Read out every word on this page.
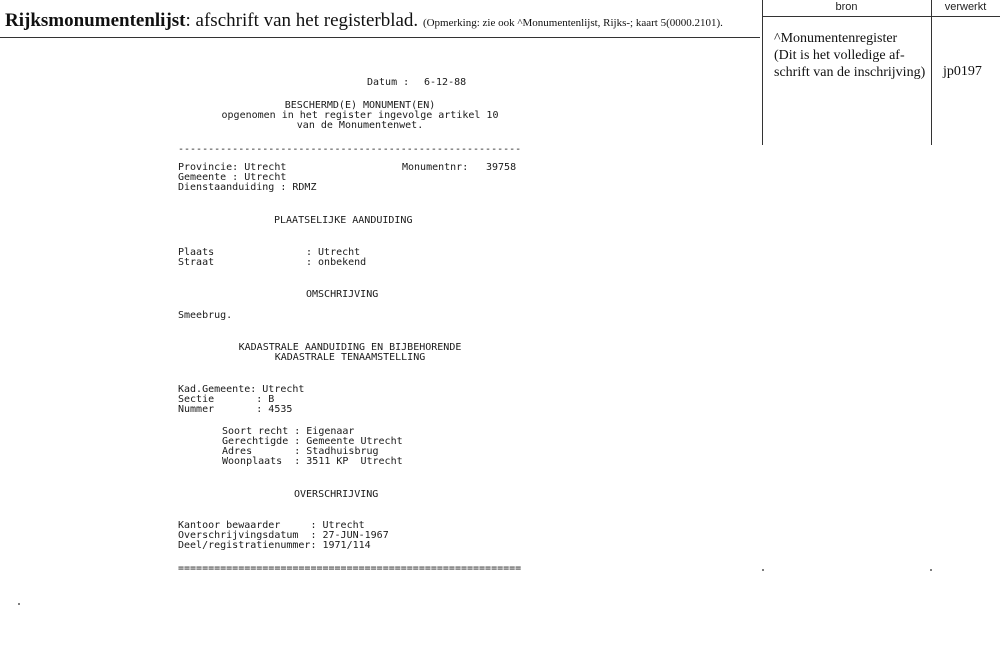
Rijksmonumentenlijst: afschrift van het registerblad. (Opmerking: zie ook ^Monumentenlijst, Rijks-; kaart 5(0000.2101).
bron	verwerkt
^Monumentenregister
(Dit is het volledige af-
schrift van de inschrijving)	jp0197
Datum : 6-12-88
BESCHERMD(E) MONUMENT(EN)
opgenomen in het register ingevolge artikel 10
van de Monumentenwet.
---------------------------------------------------------
Provincie: Utrecht	Monumentnr: 39758
Gemeente : Utrecht
Dienstaanduiding : RDMZ
PLAATSELIJKE AANDUIDING
Plaats	: Utrecht
Straat	: onbekend
OMSCHRIJVING
Smeebrug.
KADASTRALE AANDUIDING EN BIJBEHORENDE
KADASTRALE TENAAMSTELLING
Kad.Gemeente: Utrecht
Sectie       : B
Nummer       : 4535
Soort recht : Eigenaar
Gerechtigde : Gemeente Utrecht
Adres       : Stadhuisbrug
Woonplaats  : 3511 KP  Utrecht
OVERSCHRIJVING
Kantoor bewaarder     : Utrecht
Overschrijvingsdatum  : 27-JUN-1967
Deel/registratienummer: 1971/114
=========================================================
